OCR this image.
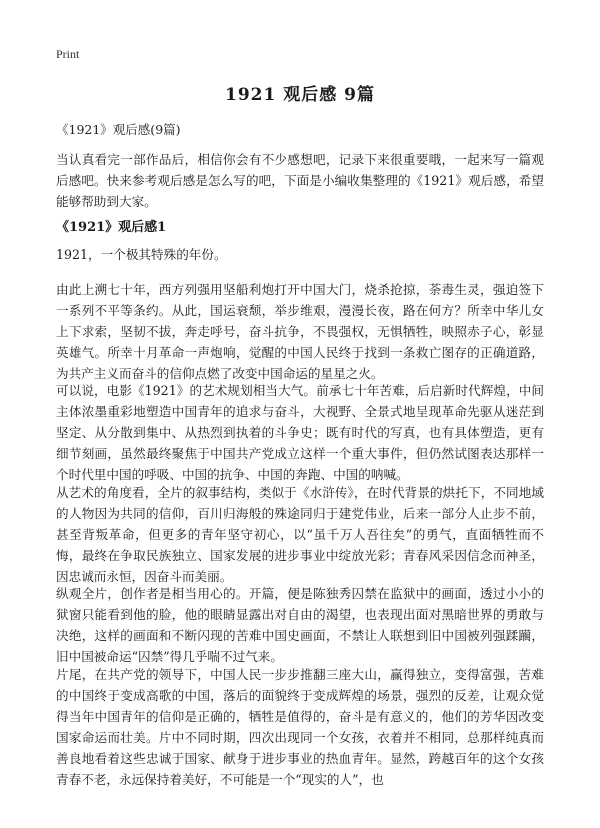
Print
1921 观后感 9篇
《1921》观后感(9篇)

当认真看完一部作品后，相信你会有不少感想吧，记录下来很重要哦，一起来写一篇观后感吧。快来参考观后感是怎么写的吧，下面是小编收集整理的《1921》观后感，希望能够帮助到大家。

《1921》观后感1

1921，一个极其特殊的年份。

由此上溯七十年，西方列强用坚船利炮打开中国大门，烧杀抢掠，荼毒生灵，强迫签下一系列不平等条约。从此，国运衰颓，举步维艰，漫漫长夜，路在何方？所幸中华儿女上下求索，坚韧不拔，奔走呼号，奋斗抗争，不畏强权，无惧牺牲，映照赤子心，彰显英雄气。所幸十月革命一声炮响，觉醒的中国人民终于找到一条救亡图存的正确道路，为共产主义而奋斗的信仰点燃了改变中国命运的星星之火。

可以说，电影《1921》的艺术规划相当大气。前承七十年苦难，后启新时代辉煌，中间主体浓墨重彩地塑造中国青年的追求与奋斗，大视野、全景式地呈现革命先驱从迷茫到坚定、从分散到集中、从热烈到执着的斗争史；既有时代的写真，也有具体塑造，更有细节刻画，虽然最终聚焦于中国共产党成立这样一个重大事件，但仍然试图表达那样一个时代里中国的呼吸、中国的抗争、中国的奔跑、中国的呐喊。

从艺术的角度看，全片的叙事结构，类似于《水浒传》，在时代背景的烘托下，不同地域的人物因为共同的信仰，百川归海般的殊途同归于建党伟业，后来一部分人止步不前，甚至背叛革命，但更多的青年坚守初心，以“虽千万人吾往矣”的勇气，直面牺牲而不悔，最终在争取民族独立、国家发展的进步事业中绽放光彩；青春风采因信念而神圣，因忠诚而永恒，因奋斗而美丽。

纵观全片，创作者是相当用心的。开篇，便是陈独秀囚禁在监狱中的画面，透过小小的狱窗只能看到他的脸，他的眼睛显露出对自由的渴望，也表现出面对黑暗世界的勇敢与决绝，这样的画面和不断闪现的苦难中国史画面，不禁让人联想到旧中国被列强蹂躏，旧中国被命运“囚禁”得几乎喘不过气来。

片尾，在共产党的领导下，中国人民一步步推翻三座大山，赢得独立，变得富强，苦难的中国终于变成高歌的中国，落后的面貌终于变成辉煌的场景，强烈的反差，让观众觉得当年中国青年的信仰是正确的，牺牲是值得的，奋斗是有意义的，他们的芳华因改变国家命运而壮美。片中不同时期，四次出现同一个女孩，衣着并不相同，总那样纯真而善良地看着这些忠诚于国家、献身于进步事业的热血青年。显然，跨越百年的这个女孩青春不老，永远保持着美好，不可能是一个“现实的人”，也
